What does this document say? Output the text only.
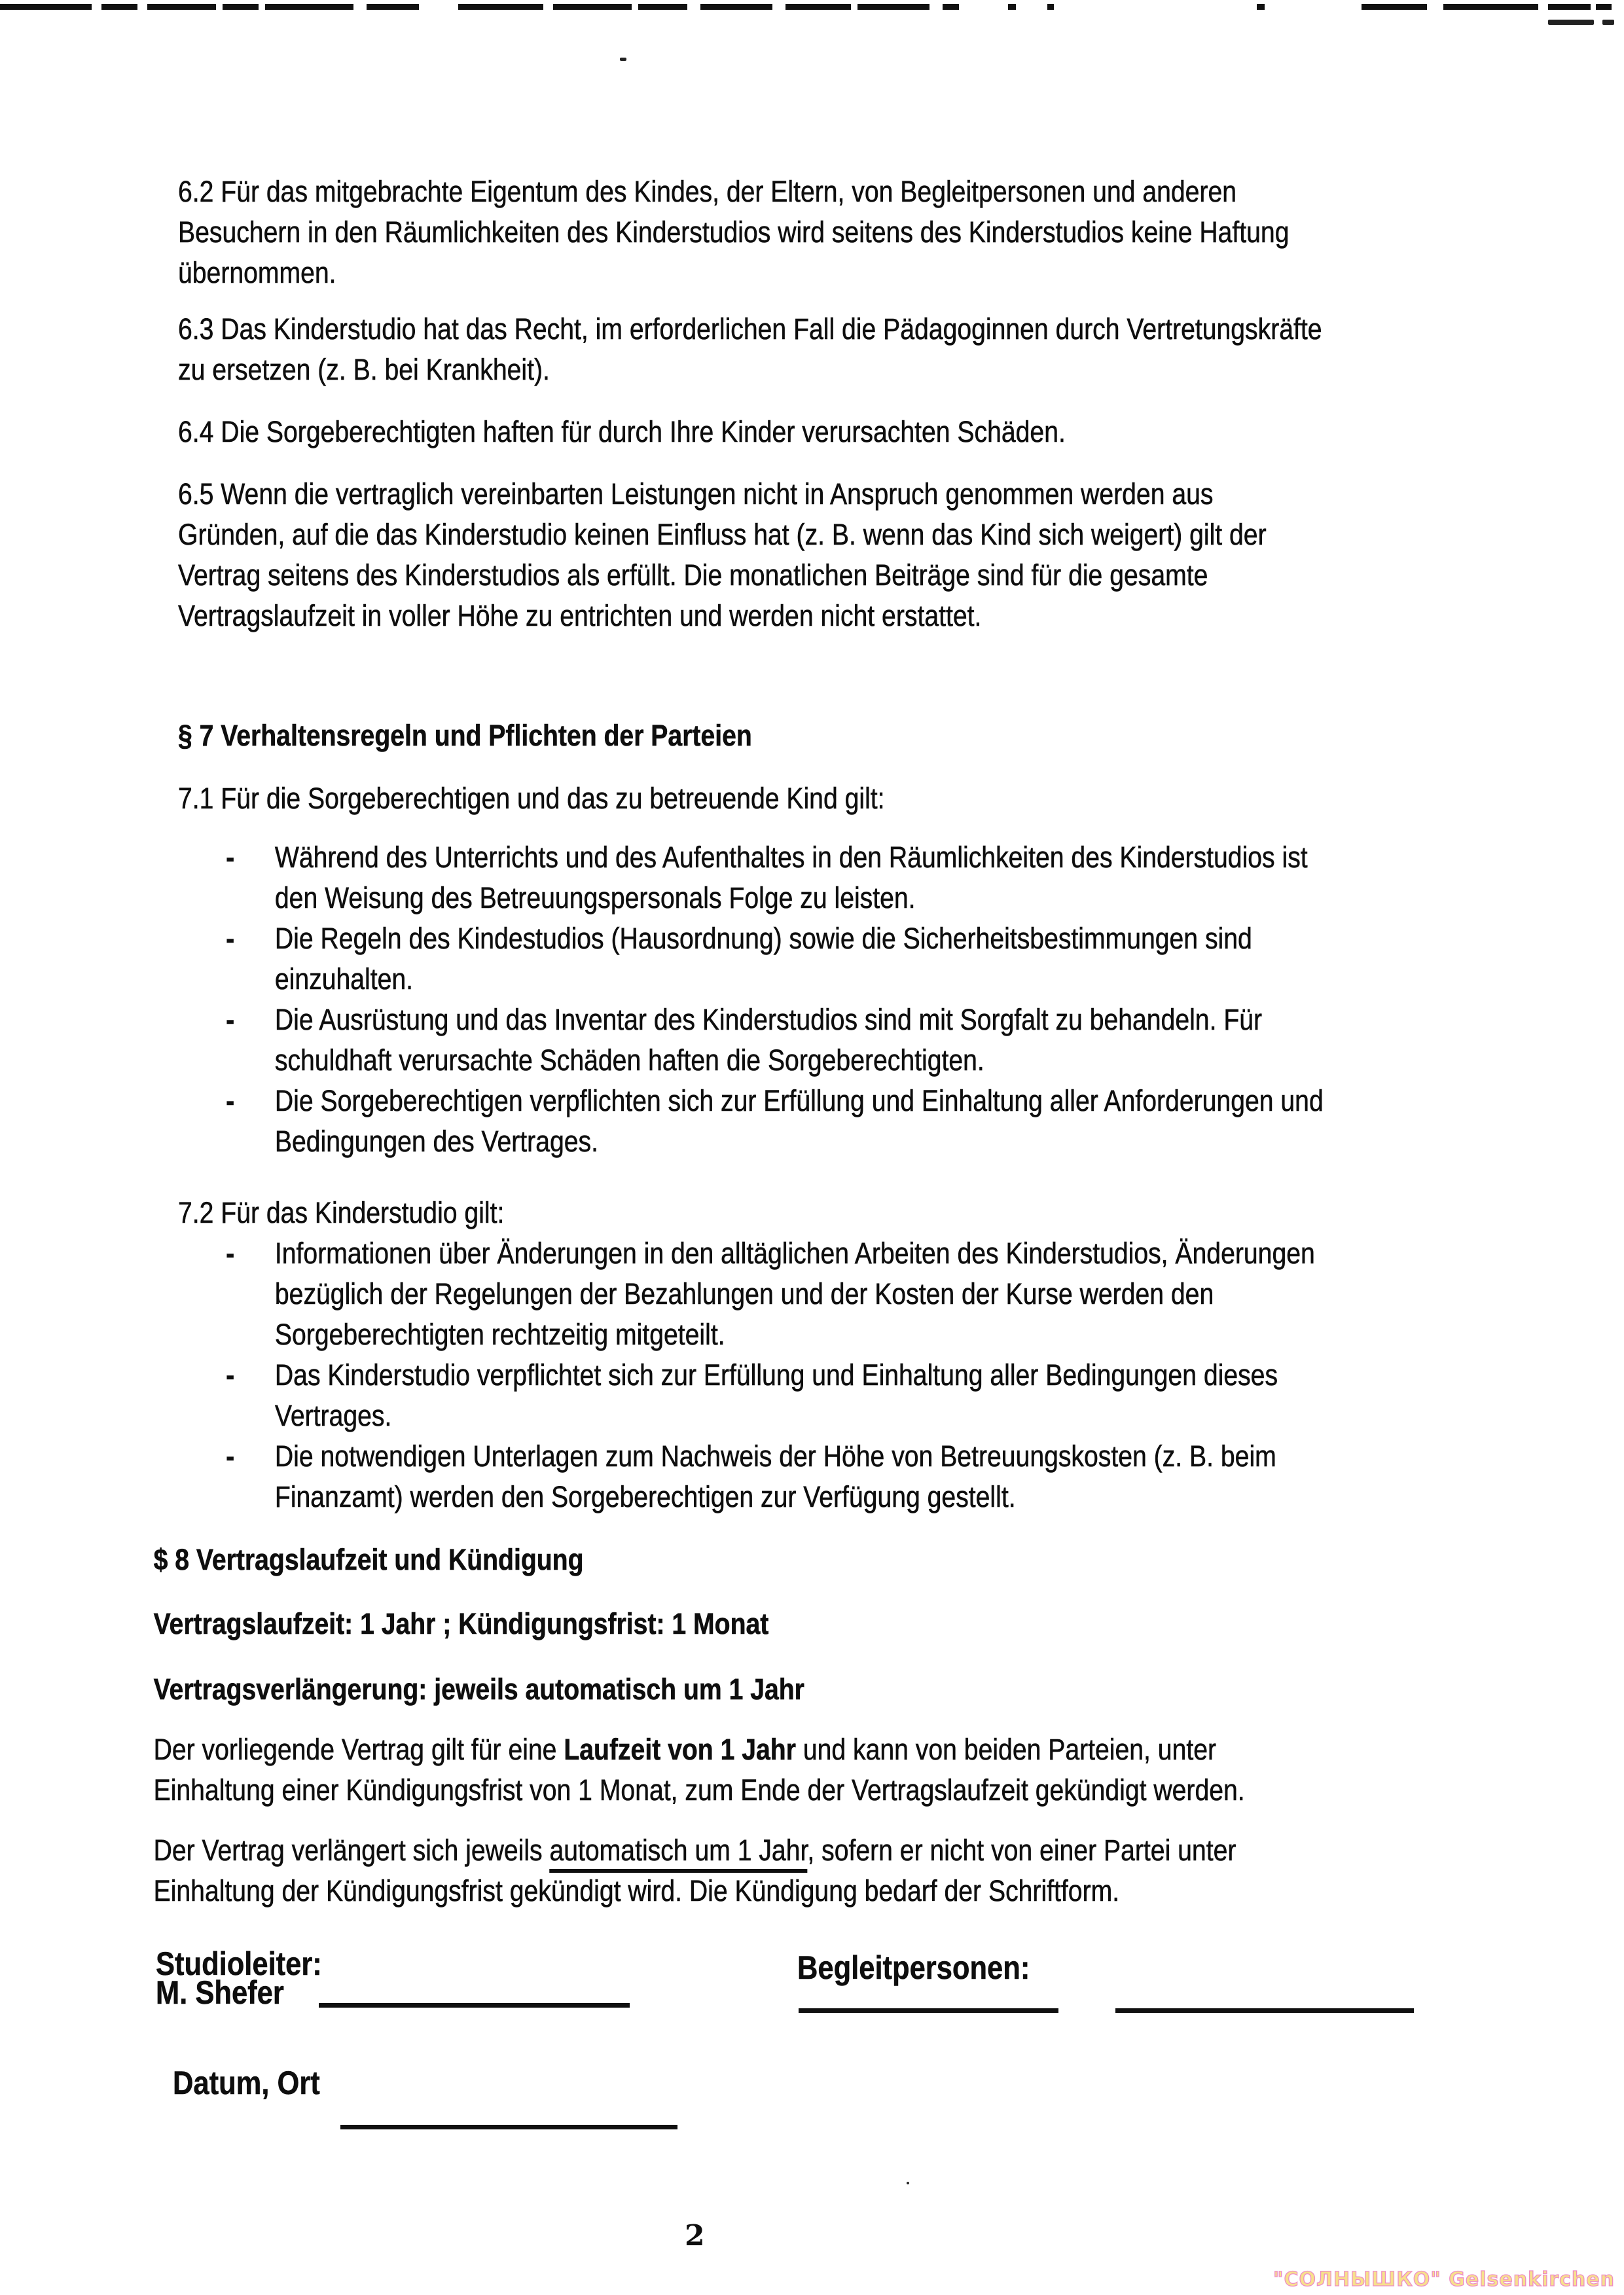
6.2 Für das mitgebrachte Eigentum des Kindes, der Eltern, von Begleitpersonen und anderen
Besuchern in den Räumlichkeiten des Kinderstudios wird seitens des Kinderstudios keine Haftung
übernommen.
6.3 Das Kinderstudio hat das Recht, im erforderlichen Fall die Pädagoginnen durch Vertretungskräfte
zu ersetzen (z. B. bei Krankheit).
6.4 Die Sorgeberechtigten haften für durch Ihre Kinder verursachten Schäden.
6.5 Wenn die vertraglich vereinbarten Leistungen nicht in Anspruch genommen werden aus
Gründen, auf die das Kinderstudio keinen Einfluss hat (z. B. wenn das Kind sich weigert) gilt der
Vertrag seitens des Kinderstudios als erfüllt. Die monatlichen Beiträge sind für die gesamte
Vertragslaufzeit in voller Höhe zu entrichten und werden nicht erstattet.
§ 7 Verhaltensregeln und Pflichten der Parteien
7.1 Für die Sorgeberechtigen und das zu betreuende Kind gilt:
- Während des Unterrichts und des Aufenthaltes in den Räumlichkeiten des Kinderstudios ist
den Weisung des Betreuungspersonals Folge zu leisten.
- Die Regeln des Kindestudios (Hausordnung) sowie die Sicherheitsbestimmungen sind
einzuhalten.
- Die Ausrüstung und das Inventar des Kinderstudios sind mit Sorgfalt zu behandeln. Für
schuldhaft verursachte Schäden haften die Sorgeberechtigten.
- Die Sorgeberechtigen verpflichten sich zur Erfüllung und Einhaltung aller Anforderungen und
Bedingungen des Vertrages.
7.2 Für das Kinderstudio gilt:
- Informationen über Änderungen in den alltäglichen Arbeiten des Kinderstudios, Änderungen
bezüglich der Regelungen der Bezahlungen und der Kosten der Kurse werden den
Sorgeberechtigten rechtzeitig mitgeteilt.
- Das Kinderstudio verpflichtet sich zur Erfüllung und Einhaltung aller Bedingungen dieses
Vertrages.
- Die notwendigen Unterlagen zum Nachweis der Höhe von Betreuungskosten (z. B. beim
Finanzamt) werden den Sorgeberechtigen zur Verfügung gestellt.
$ 8 Vertragslaufzeit und Kündigung
Vertragslaufzeit: 1 Jahr ; Kündigungsfrist: 1 Monat
Vertragsverlängerung: jeweils automatisch um 1 Jahr
Der vorliegende Vertrag gilt für eine Laufzeit von 1 Jahr und kann von beiden Parteien, unter
Einhaltung einer Kündigungsfrist von 1 Monat, zum Ende der Vertragslaufzeit gekündigt werden.
Der Vertrag verlängert sich jeweils automatisch um 1 Jahr, sofern er nicht von einer Partei unter
Einhaltung der Kündigungsfrist gekündigt wird. Die Kündigung bedarf der Schriftform.
Studioleiter:
M. Shefer
Begleitpersonen:
Datum, Ort
2
"СОЛНЫШКО" Gelsenkirchen
